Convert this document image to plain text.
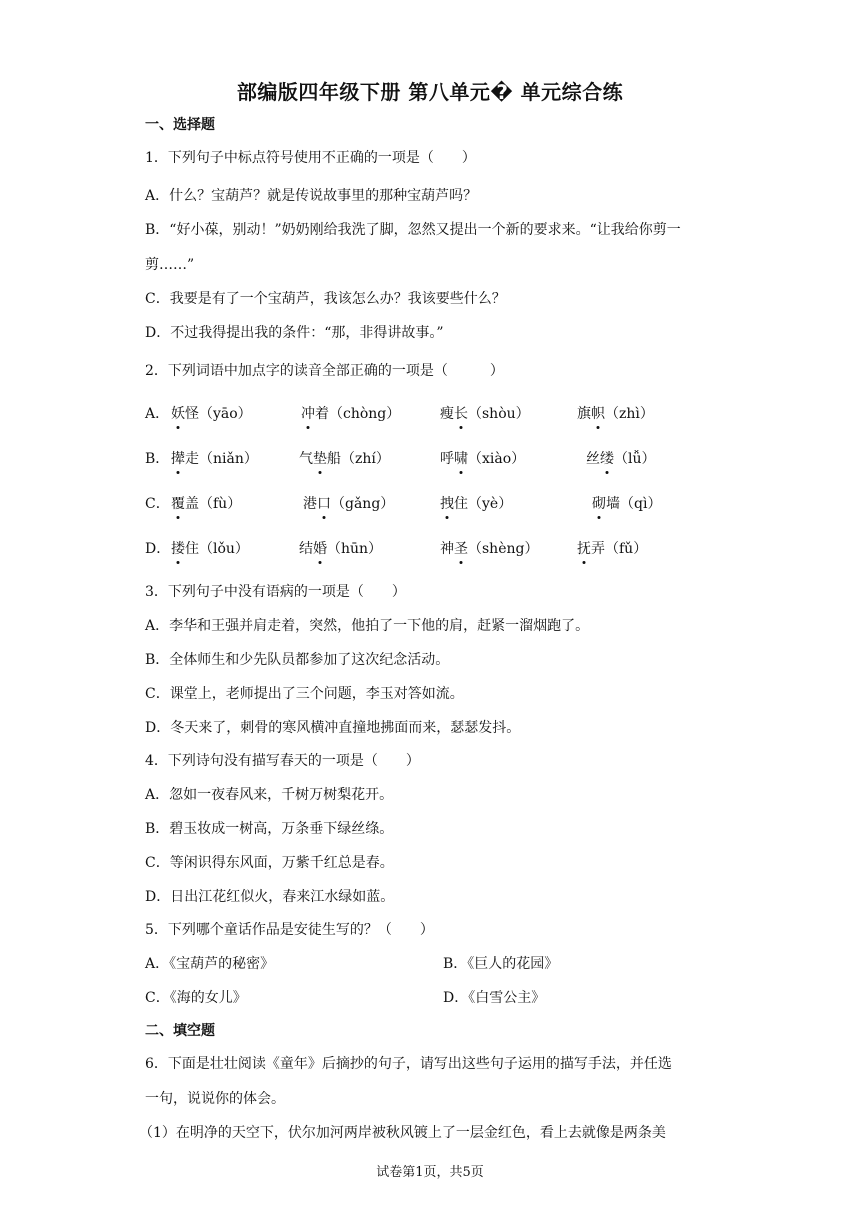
部编版四年级下册 第八单元� 单元综合练
一、选择题
1．下列句子中标点符号使用不正确的一项是（　　）
A．什么？宝葫芦？就是传说故事里的那种宝葫芦吗？
B．“好小葆，别动！”奶奶刚给我洗了脚，忽然又提出一个新的要求来。“让我给你剪一
剪……”
C．我要是有了一个宝葫芦，我该怎么办？我该要些什么？
D．不过我得提出我的条件：“那，非得讲故事。”
2．下列词语中加点字的读音全部正确的一项是（　　　）
A． 妖怪（yāo）	冲着（chòng）	瘦长（shòu）	旗帜（zhì）
B． 撵走（niǎn）	气垫船（zhí）	呼啸（xiào）	丝缕（lǚ）
C． 覆盖（fù）	港口（gǎng）	拽住（yè）	砌墙（qì）
D． 搂住（lǒu）	结婚（hūn）	神圣（shèng）	抚弄（fǔ）
3．下列句子中没有语病的一项是（　　）
A．李华和王强并肩走着，突然，他拍了一下他的肩，赶紧一溜烟跑了。
B．全体师生和少先队员都参加了这次纪念活动。
C．课堂上，老师提出了三个问题，李玉对答如流。
D．冬天来了，刺骨的寒风横冲直撞地拂面而来，瑟瑟发抖。
4．下列诗句没有描写春天的一项是（　　）
A．忽如一夜春风来，千树万树梨花开。
B．碧玉妆成一树高，万条垂下绿丝绦。
C．等闲识得东风面，万紫千红总是春。
D．日出江花红似火，春来江水绿如蓝。
5．下列哪个童话作品是安徒生写的？（　　）
A．《宝葫芦的秘密》	B．《巨人的花园》
C．《海的女儿》	D．《白雪公主》
二、填空题
6．下面是壮壮阅读《童年》后摘抄的句子，请写出这些句子运用的描写手法，并任选
一句，说说你的体会。
（1）在明净的天空下，伏尔加河两岸被秋风镀上了一层金红色，看上去就像是两条美
试卷第1页，共5页
